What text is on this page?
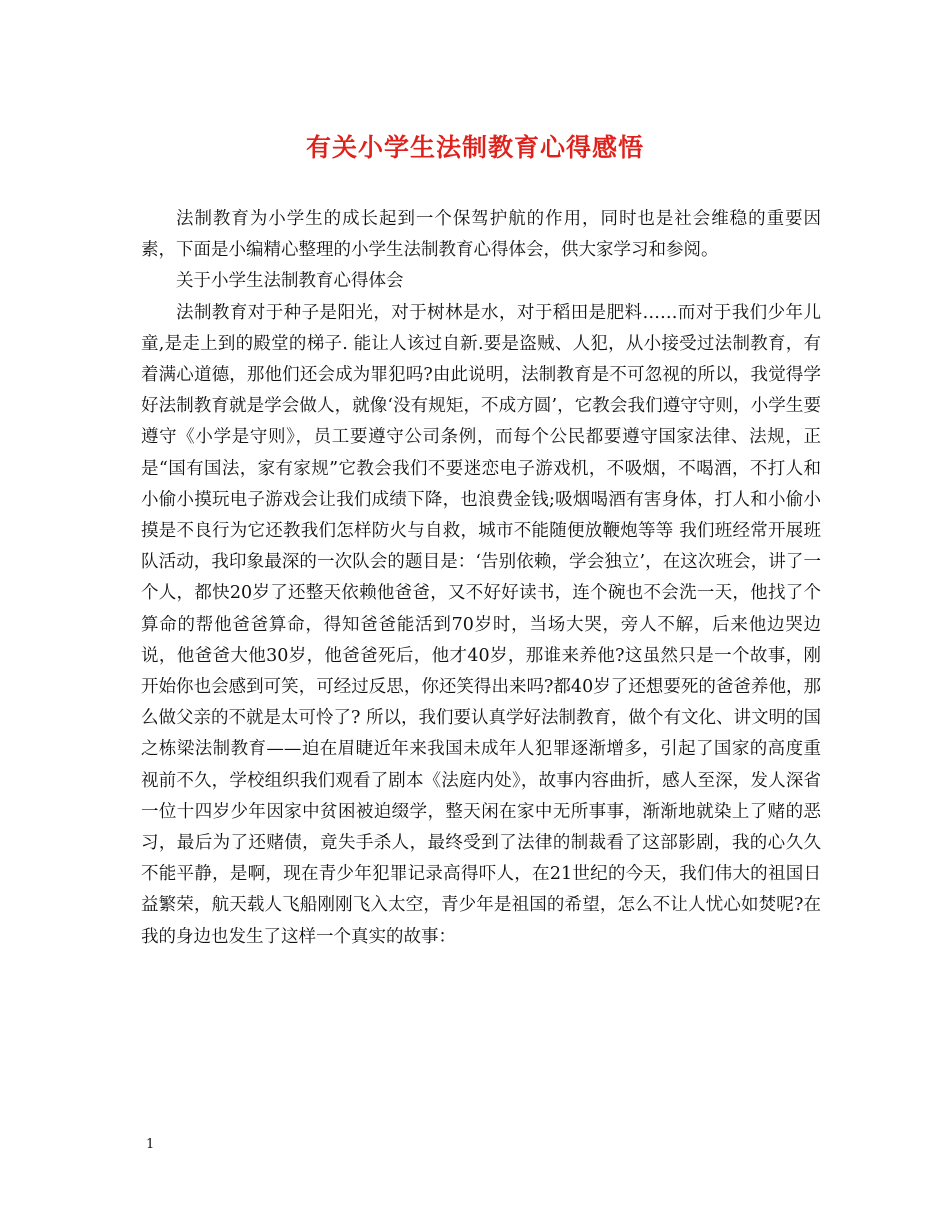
有关小学生法制教育心得感悟

法制教育为小学生的成长起到一个保驾护航的作用，同时也是社会维稳的重要因素，下面是小编精心整理的小学生法制教育心得体会，供大家学习和参阅。

关于小学生法制教育心得体会

法制教育对于种子是阳光，对于树林是水，对于稻田是肥料……而对于我们少年儿童,是走上到的殿堂的梯子. 能让人该过自新.要是盗贼、人犯，从小接受过法制教育，有着满心道德，那他们还会成为罪犯吗?由此说明，法制教育是不可忽视的所以，我觉得学好法制教育就是学会做人，就像‘没有规矩，不成方圆’，它教会我们遵守守则，小学生要遵守《小学是守则》，员工要遵守公司条例，而每个公民都要遵守国家法律、法规，正是“国有国法，家有家规”它教会我们不要迷恋电子游戏机，不吸烟，不喝酒，不打人和小偷小摸玩电子游戏会让我们成绩下降，也浪费金钱;吸烟喝酒有害身体，打人和小偷小摸是不良行为它还教我们怎样防火与自救，城市不能随便放鞭炮等等 我们班经常开展班队活动，我印象最深的一次队会的题目是：‘告别依赖，学会独立’，在这次班会，讲了一个人，都快20岁了还整天依赖他爸爸，又不好好读书，连个碗也不会洗一天，他找了个算命的帮他爸爸算命，得知爸爸能活到70岁时，当场大哭，旁人不解，后来他边哭边说，他爸爸大他30岁，他爸爸死后，他才40岁，那谁来养他?这虽然只是一个故事，刚开始你也会感到可笑，可经过反思，你还笑得出来吗?都40岁了还想要死的爸爸养他，那么做父亲的不就是太可怜了? 所以，我们要认真学好法制教育，做个有文化、讲文明的国之栋梁法制教育——迫在眉睫近年来我国未成年人犯罪逐渐增多，引起了国家的高度重视前不久，学校组织我们观看了剧本《法庭内处》，故事内容曲折，感人至深，发人深省一位十四岁少年因家中贫困被迫缀学，整天闲在家中无所事事，渐渐地就染上了赌的恶习，最后为了还赌债，竟失手杀人，最终受到了法律的制裁看了这部影剧，我的心久久不能平静，是啊，现在青少年犯罪记录高得吓人，在21世纪的今天，我们伟大的祖国日益繁荣，航天载人飞船刚刚飞入太空，青少年是祖国的希望，怎么不让人忧心如焚呢?在我的身边也发生了这样一个真实的故事：

1
